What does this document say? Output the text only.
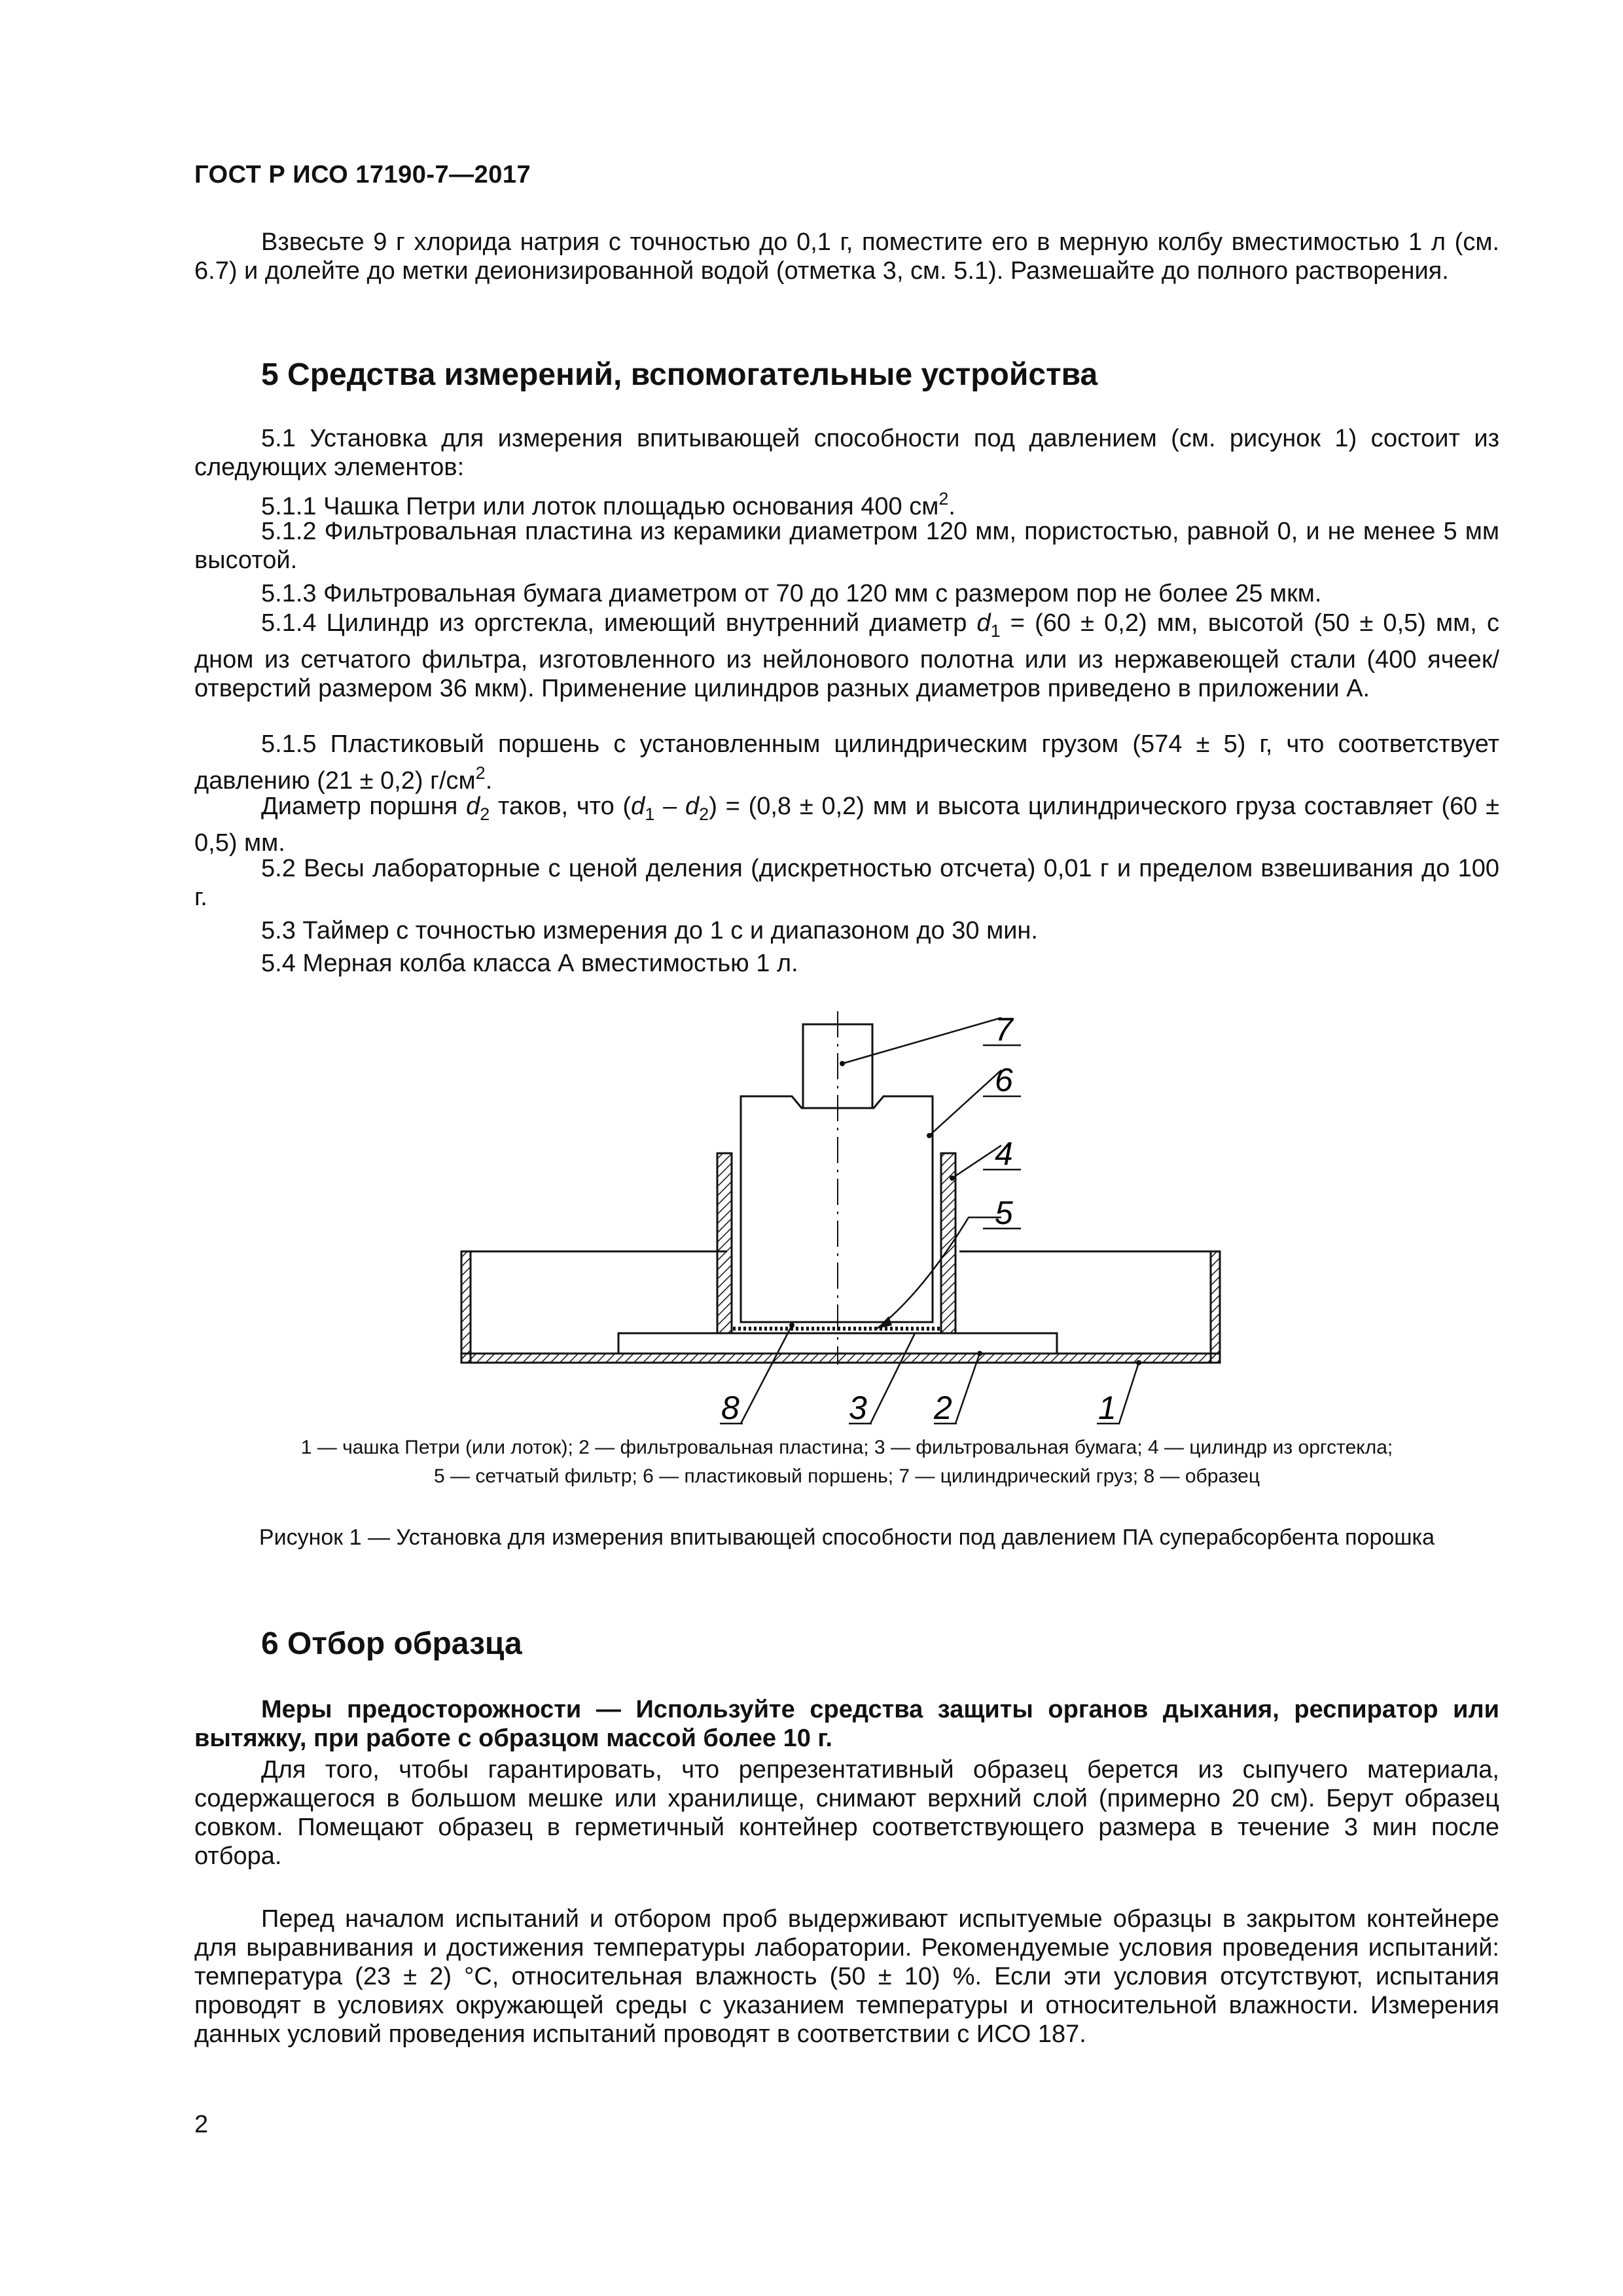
ГОСТ Р ИСО 17190-7—2017
Взвесьте 9 г хлорида натрия с точностью до 0,1 г, поместите его в мерную колбу вместимостью 1 л (см. 6.7) и долейте до метки деионизированной водой (отметка 3, см. 5.1). Размешайте до полного растворения.
5 Средства измерений, вспомогательные устройства
5.1 Установка для измерения впитывающей способности под давлением (см. рисунок 1) состоит из следующих элементов:
5.1.1 Чашка Петри или лоток площадью основания 400 $см^2$.
5.1.2 Фильтровальная пластина из керамики диаметром 120 мм, пористостью, равной 0, и не менее 5 мм высотой.
5.1.3 Фильтровальная бумага диаметром от 70 до 120 мм с размером пор не более 25 мкм.
5.1.4 Цилиндр из оргстекла, имеющий внутренний диаметр $d_1 = (60 \pm 0,2)$ мм, высотой (50 ± 0,5) мм, с дном из сетчатого фильтра, изготовленного из нейлонового полотна или из нержавеющей стали (400 ячеек/отверстий размером 36 мкм). Применение цилиндров разных диаметров приведено в приложении А.
5.1.5 Пластиковый поршень с установленным цилиндрическим грузом (574 ± 5) г, что соответствует давлению (21 ± 0,2) $г/см^2$.
Диаметр поршня $d_2$ таков, что $(d_1 - d_2) = (0,8 \pm 0,2)$ мм и высота цилиндрического груза составляет (60 ± 0,5) мм.
5.2 Весы лабораторные с ценой деления (дискретностью отсчета) 0,01 г и пределом взвешивания до 100 г.
5.3 Таймер с точностью измерения до 1 с и диапазоном до 30 мин.
5.4 Мерная колба класса А вместимостью 1 л.
7
6
4
5
8	3 2	1
1 — чашка Петри (или лоток); 2 — фильтровальная пластина; 3 — фильтровальная бумага; 4 — цилиндр из оргстекла;
5 — сетчатый фильтр; 6 — пластиковый поршень; 7 — цилиндрический груз; 8 — образец
Рисунок 1 — Установка для измерения впитывающей способности под давлением ПА суперабсорбента порошка
6 Отбор образца
Меры предосторожности — Используйте средства защиты органов дыхания, респиратор или вытяжку, при работе с образцом массой более 10 г.
Для того, чтобы гарантировать, что репрезентативный образец берется из сыпучего материала, содержащегося в большом мешке или хранилище, снимают верхний слой (примерно 20 см). Берут образец совком. Помещают образец в герметичный контейнер соответствующего размера в течение 3 мин после отбора.
Перед началом испытаний и отбором проб выдерживают испытуемые образцы в закрытом контейнере для выравнивания и достижения температуры лаборатории. Рекомендуемые условия проведения испытаний: температура (23 ± 2) °С, относительная влажность (50 ± 10) %. Если эти условия отсутствуют, испытания проводят в условиях окружающей среды с указанием температуры и относительной влажности. Измерения данных условий проведения испытаний проводят в соответствии с ИСО 187.
2
